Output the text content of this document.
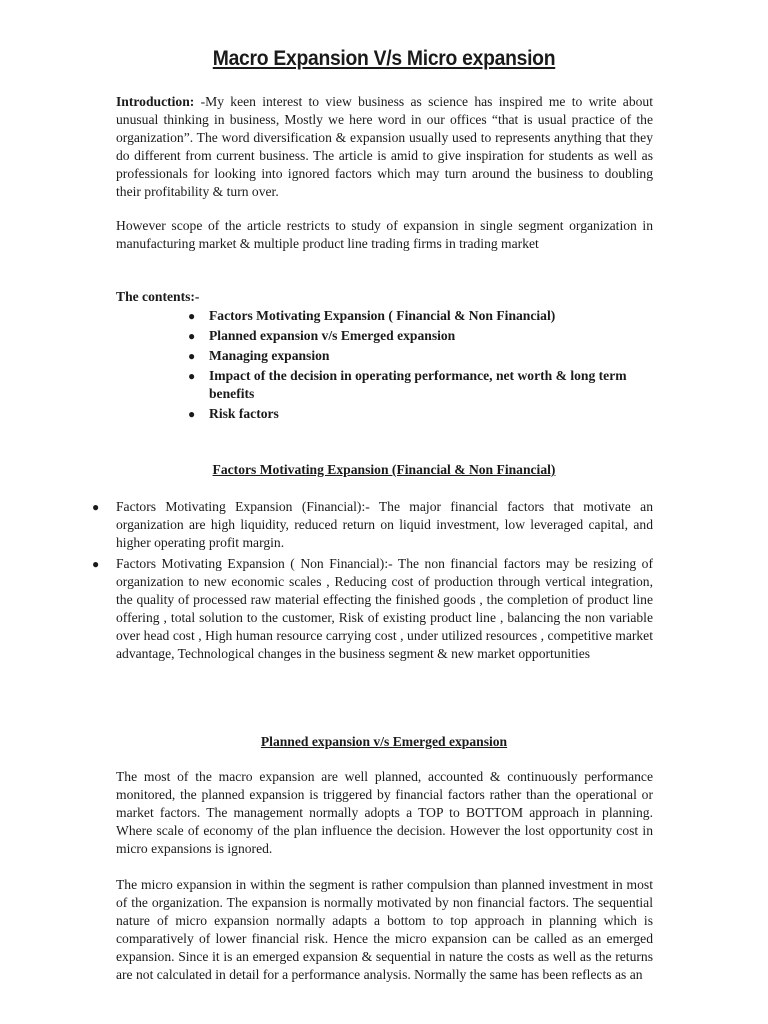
Macro Expansion V/s Micro expansion

Introduction: -My keen interest to view business as science has inspired me to write about unusual thinking in business, Mostly we here word in our offices “that is usual practice of the organization”. The word diversification & expansion usually used to represents anything that they do different from current business. The article is amid to give inspiration for students as well as professionals for looking into ignored factors which may turn around the business to doubling their profitability & turn over.

However scope of the article restricts to study of expansion in single segment organization in manufacturing market & multiple product line trading firms in trading market

The contents:-
● Factors Motivating Expansion ( Financial & Non Financial)
● Planned expansion v/s Emerged expansion
● Managing expansion
● Impact of the decision in operating performance, net worth & long term benefits
● Risk factors
Factors Motivating Expansion (Financial & Non Financial)
● Factors Motivating Expansion (Financial):- The major financial factors that motivate an organization are high liquidity, reduced return on liquid investment, low leveraged capital, and higher operating profit margin.

● Factors Motivating Expansion ( Non Financial):- The non financial factors may be resizing of organization to new economic scales , Reducing cost of production through vertical integration, the quality of processed raw material effecting the finished goods , the completion of product line offering , total solution to the customer, Risk of existing product line , balancing the non variable over head cost , High human resource carrying cost , under utilized resources , competitive market advantage, Technological changes in the business segment & new market opportunities

Planned expansion v/s Emerged expansion

The most of the macro expansion are well planned, accounted & continuously performance monitored, the planned expansion is triggered by financial factors rather than the operational or market factors. The management normally adopts a TOP to BOTTOM approach in planning. Where scale of economy of the plan influence the decision. However the lost opportunity cost in micro expansions is ignored.

The micro expansion in within the segment is rather compulsion than planned investment in most of the organization. The expansion is normally motivated by non financial factors. The sequential nature of micro expansion normally adapts a bottom to top approach in planning which is comparatively of lower financial risk. Hence the micro expansion can be called as an emerged expansion. Since it is an emerged expansion & sequential in nature the costs as well as the returns are not calculated in detail for a performance analysis. Normally the same has been reflects as an
